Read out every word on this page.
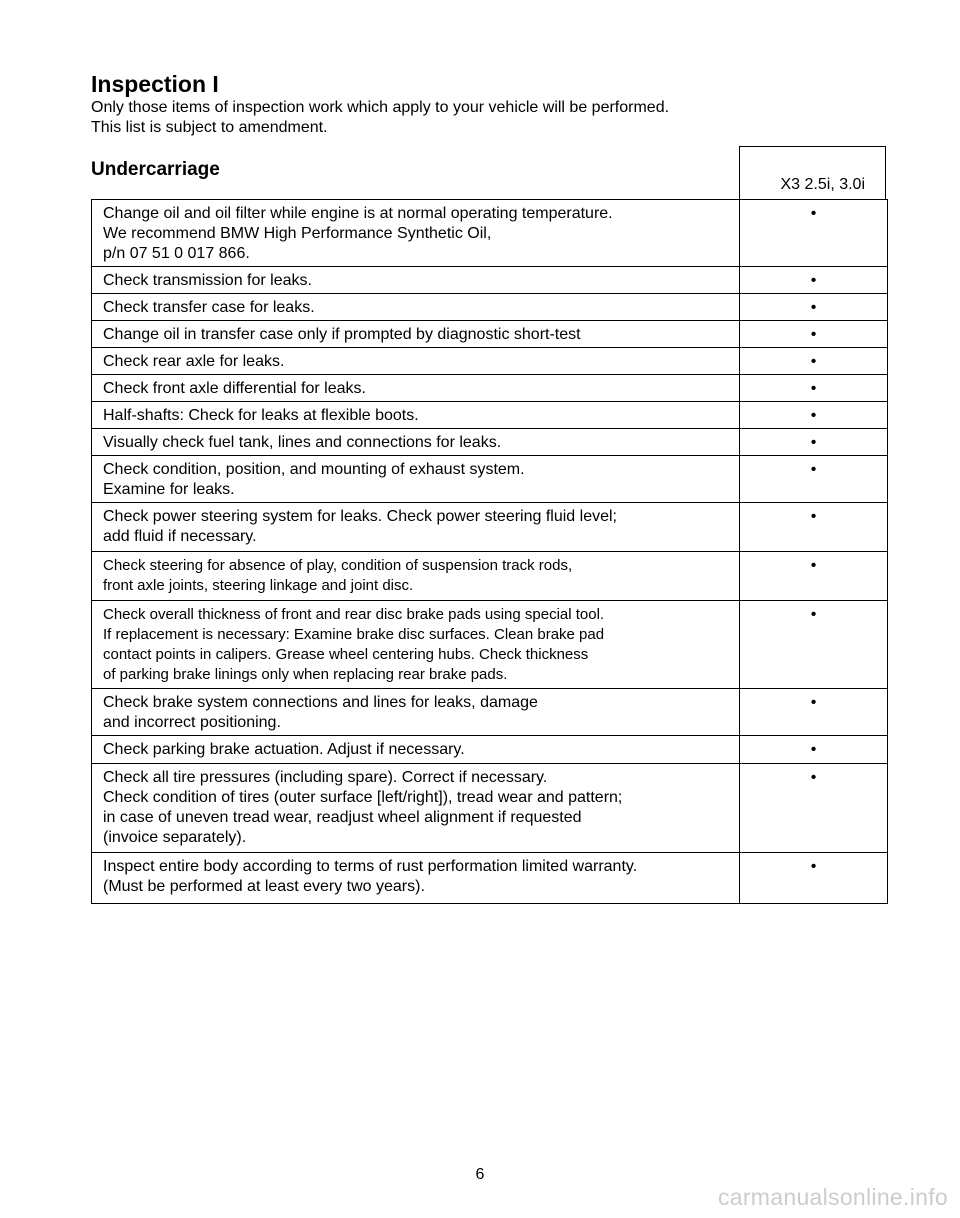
Inspection I
Only those items of inspection work which apply to your vehicle will be performed.
This list is subject to amendment.
Undercarriage
X3 2.5i, 3.0i
Change oil and oil filter while engine is at normal operating temperature.
We recommend BMW High Performance Synthetic Oil,
p/n 07 51 0 017 866.	•
Check transmission for leaks.	•
Check transfer case for leaks.	•
Change oil in transfer case only if prompted by diagnostic short-test	•
Check rear axle for leaks.	•
Check front axle differential for leaks.	•
Half-shafts: Check for leaks at flexible boots.	•
Visually check fuel tank, lines and connections for leaks.	•
Check condition, position, and mounting of exhaust system.
Examine for leaks.	•
Check power steering system for leaks. Check power steering fluid level;
add fluid if necessary.	•
Check steering for absence of play, condition of suspension track rods,
front axle joints, steering linkage and joint disc.	•
Check overall thickness of front and rear disc brake pads using special tool.
If replacement is necessary: Examine brake disc surfaces. Clean brake pad
contact points in calipers. Grease wheel centering hubs. Check thickness
of parking brake linings only when replacing rear brake pads.	•
Check brake system connections and lines for leaks, damage
and incorrect positioning.	•
Check parking brake actuation. Adjust if necessary.	•
Check all tire pressures (including spare). Correct if necessary.
Check condition of tires (outer surface [left/right]), tread wear and pattern;
in case of uneven tread wear, readjust wheel alignment if requested
(invoice separately).	•
Inspect entire body according to terms of rust performation limited warranty.
(Must be performed at least every two years).	•
6
carmanualsonline.info
